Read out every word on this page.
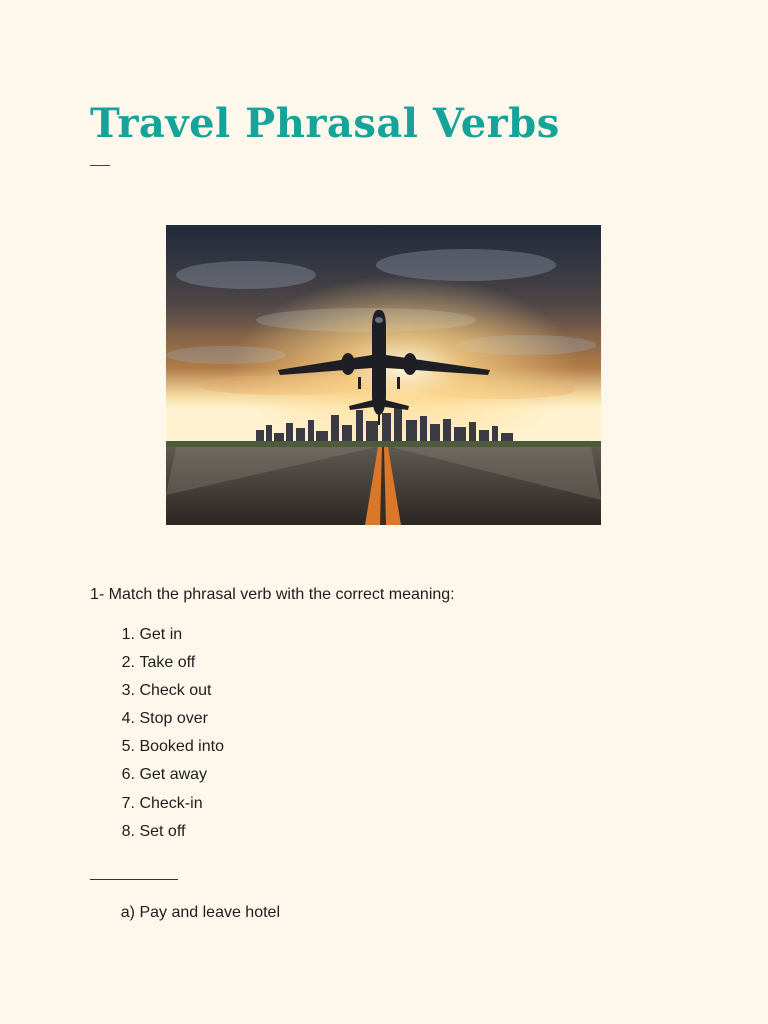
Travel Phrasal Verbs

1- Match the phrasal verb with the correct meaning:

1. Get in
2. Take off
3. Check out
4. Stop over
5. Booked into
6. Get away
7. Check-in
8. Set off
a) Pay and leave hotel
